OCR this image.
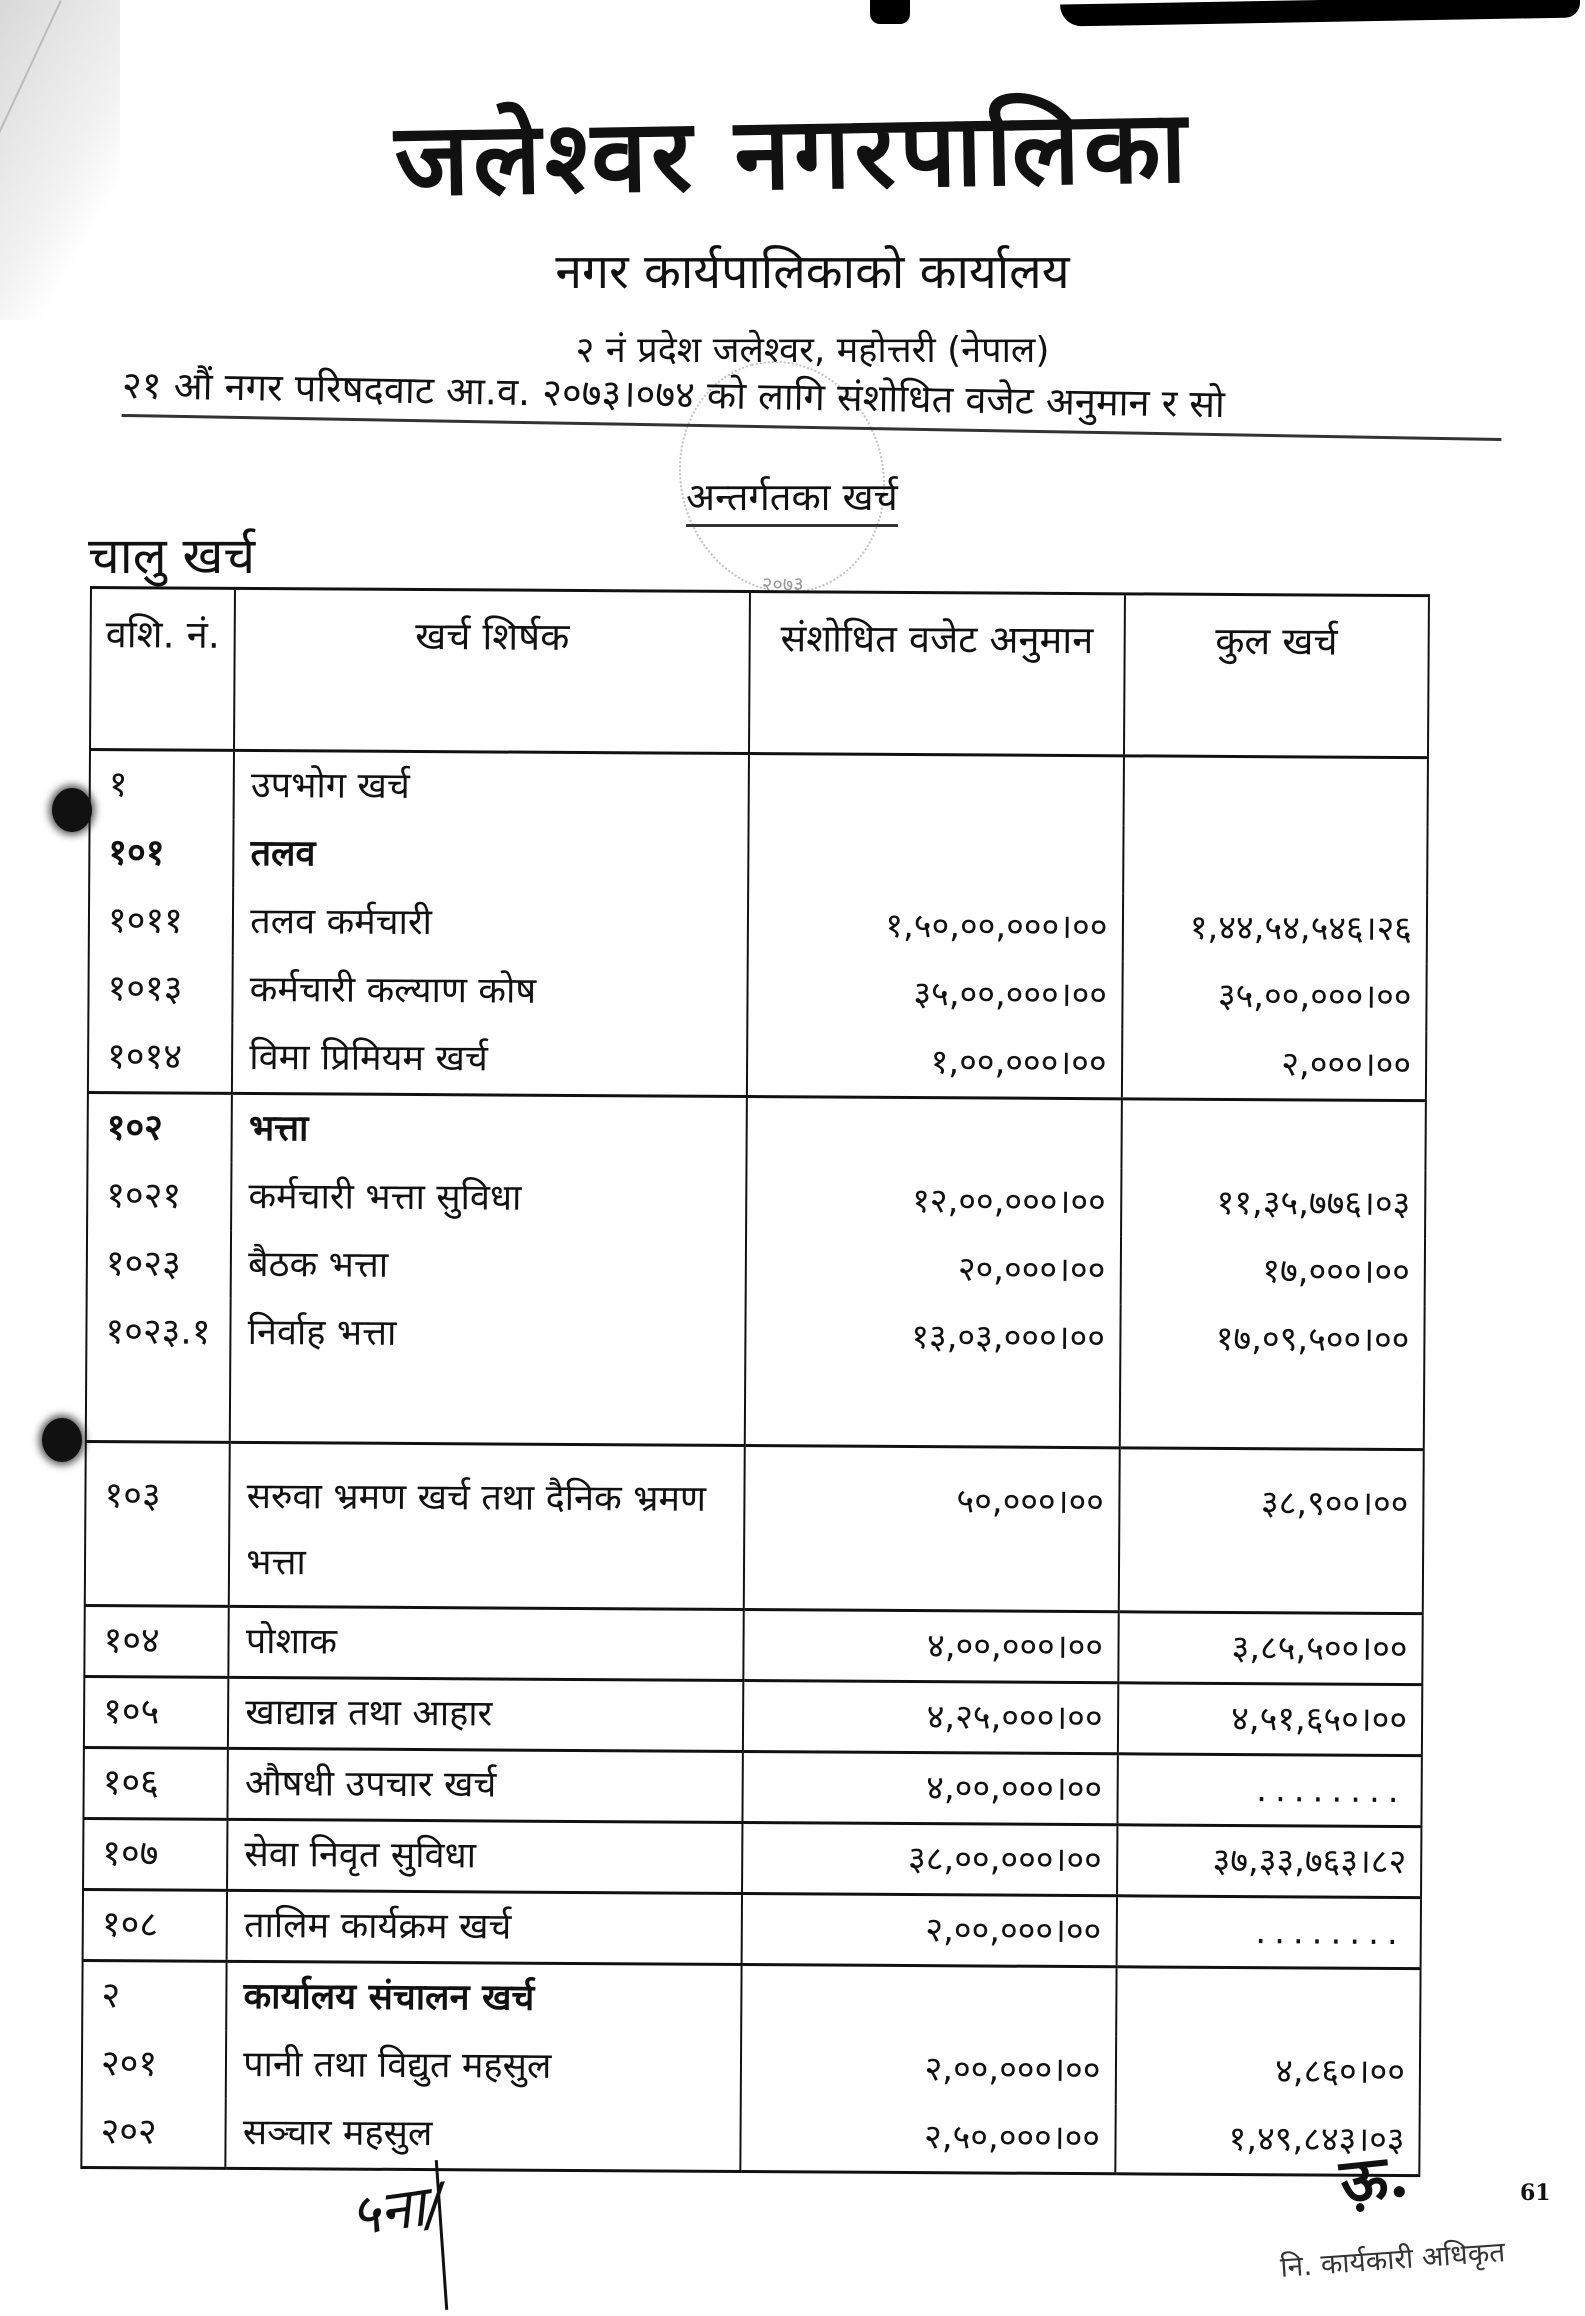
जलेश्वर नगरपालिका
नगर कार्यपालिकाको कार्यालय
२ नं प्रदेश जलेश्वर, महोत्तरी (नेपाल)
२१ औं नगर परिषदवाट आ.व. २०७३।०७४ को लागि संशोधित वजेट अनुमान र सो
अन्तर्गतका खर्च
२०७३
चालु खर्च
वशि. नं.	खर्च शिर्षक	संशोधित वजेट अनुमान	कुल खर्च
१	उपभोग खर्च		
१०१	तलव		
१०११	तलव कर्मचारी	१,५०,००,०००।००	१,४४,५४,५४६।२६
१०१३	कर्मचारी कल्याण कोष	३५,००,०००।००	३५,००,०००।००
१०१४	विमा प्रिमियम खर्च	१,००,०००।००	२,०००।००
१०२	भत्ता		
१०२१	कर्मचारी भत्ता सुविधा	१२,००,०००।००	११,३५,७७६।०३
१०२३	बैठक भत्ता	२०,०००।००	१७,०००।००
१०२३.१	निर्वाह भत्ता	१३,०३,०००।००	१७,०९,५००।००
१०३	सरुवा भ्रमण खर्च तथा दैनिक भ्रमण भत्ता	५०,०००।००	३८,९००।००
१०४	पोशाक	४,००,०००।००	३,८५,५००।००
१०५	खाद्यान्न तथा आहार	४,२५,०००।००	४,५१,६५०।००
१०६	औषधी उपचार खर्च	४,००,०००।००	........
१०७	सेवा निवृत सुविधा	३८,००,०००।००	३७,३३,७६३।८२
१०८	तालिम कार्यक्रम खर्च	२,००,०००।००	........
२	कार्यालय संचालन खर्च		
२०१	पानी तथा विद्युत महसुल	२,००,०००।००	४,८६०।००
२०२	सञ्चार महसुल	२,५०,०००।००	१,४९,८४३।०३
५ना/	ऊ़.	61
नि. कार्यकारी अधिकृत
